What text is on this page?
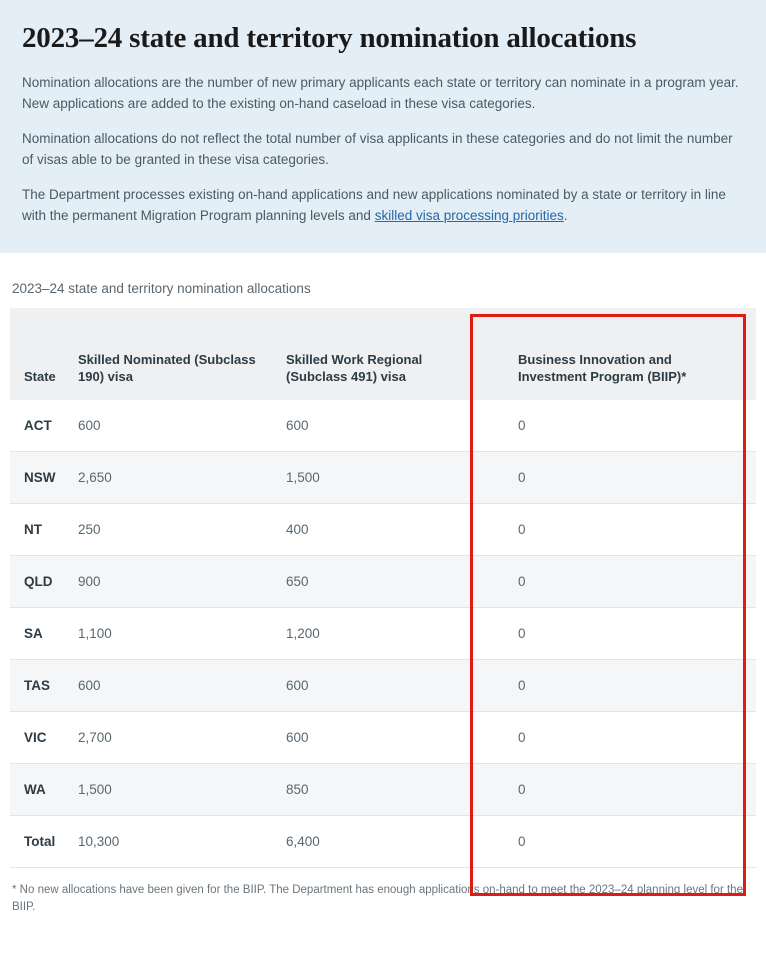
2023–24 state and territory nomination allocations

Nomination allocations are the number of new primary applicants each state or territory can nominate in a program year. New applications are added to the existing on-hand caseload in these visa categories.

Nomination allocations do not reflect the total number of visa applicants in these categories and do not limit the number of visas able to be granted in these visa categories.

The Department processes existing on-hand applications and new applications nominated by a state or territory in line with the permanent Migration Program planning levels and skilled visa processing priorities.

2023–24 state and territory nomination allocations
State	Skilled Nominated (Subclass 190) visa	Skilled Work Regional (Subclass 491) visa	Business Innovation and Investment Program (BIIP)*
ACT	600	600	0
NSW	2,650	1,500	0
NT	250	400	0
QLD	900	650	0
SA	1,100	1,200	0
TAS	600	600	0
VIC	2,700	600	0
WA	1,500	850	0
Total	10,300	6,400	0

* No new allocations have been given for the BIIP. The Department has enough applications on-hand to meet the 2023–24 planning level for the BIIP.
